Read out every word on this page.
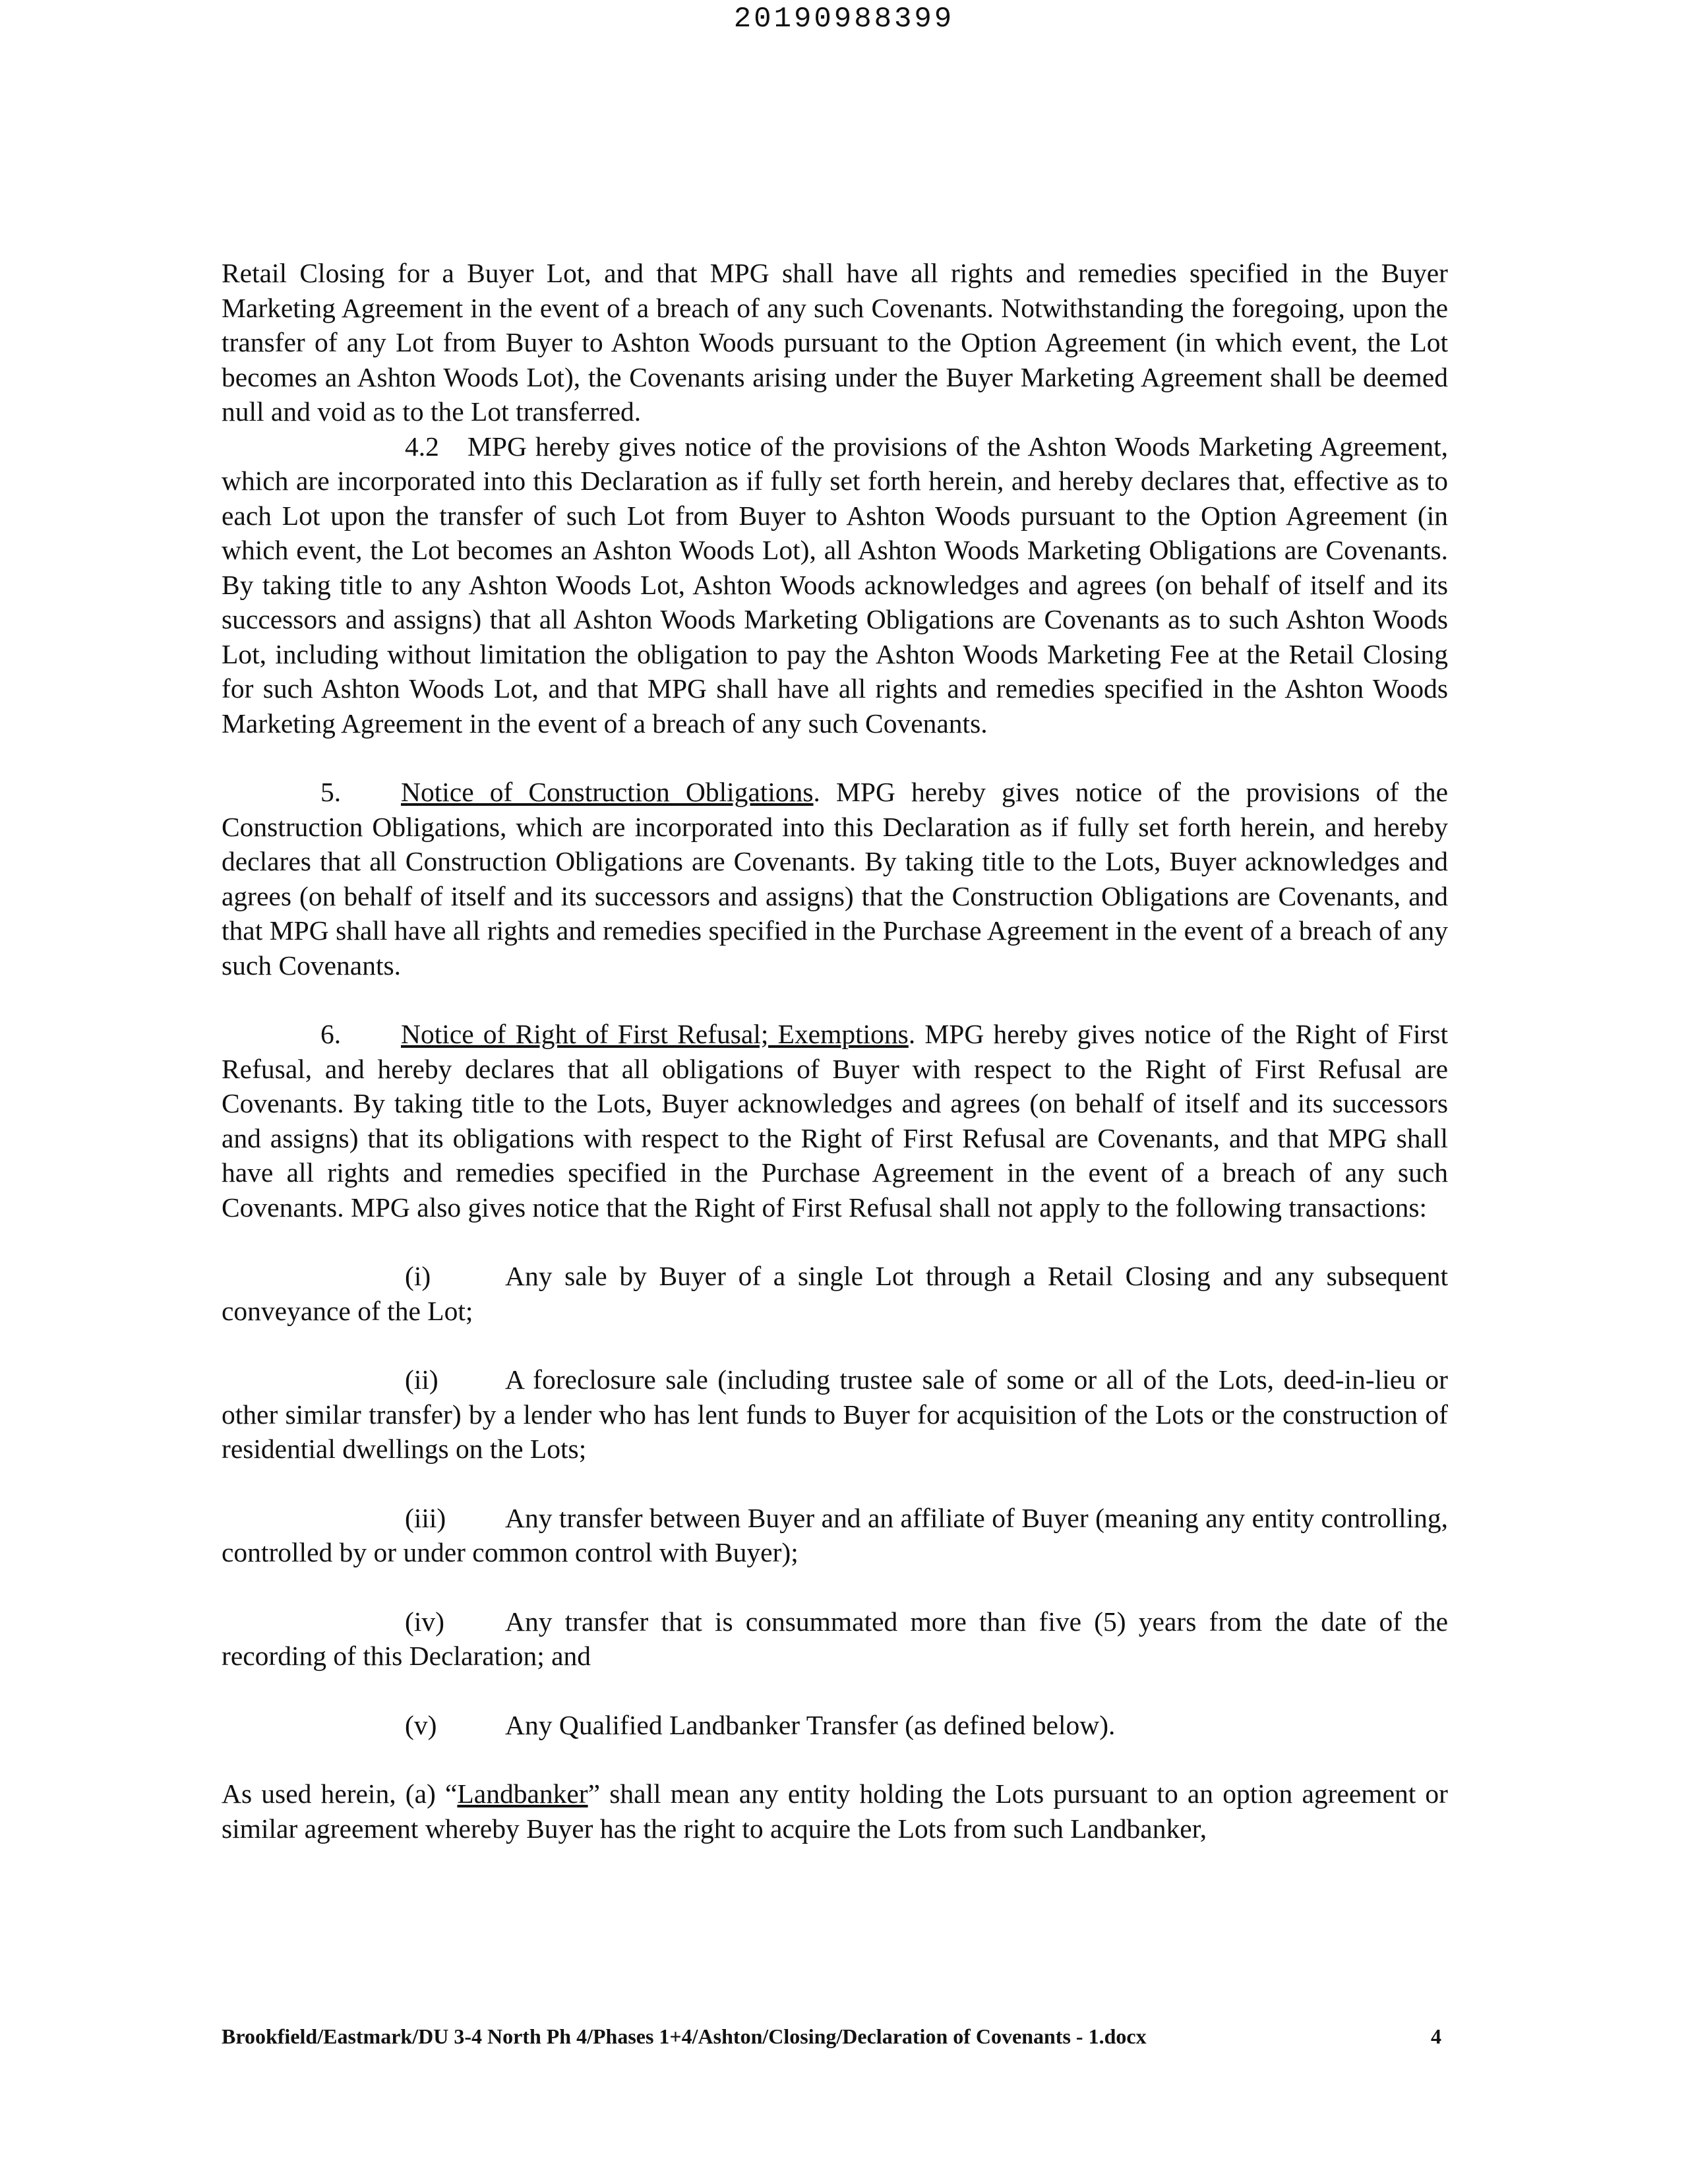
20190988399

Retail Closing for a Buyer Lot, and that MPG shall have all rights and remedies specified in the Buyer Marketing Agreement in the event of a breach of any such Covenants. Notwithstanding the foregoing, upon the transfer of any Lot from Buyer to Ashton Woods pursuant to the Option Agreement (in which event, the Lot becomes an Ashton Woods Lot), the Covenants arising under the Buyer Marketing Agreement shall be deemed null and void as to the Lot transferred.

4.2 MPG hereby gives notice of the provisions of the Ashton Woods Marketing Agreement, which are incorporated into this Declaration as if fully set forth herein, and hereby declares that, effective as to each Lot upon the transfer of such Lot from Buyer to Ashton Woods pursuant to the Option Agreement (in which event, the Lot becomes an Ashton Woods Lot), all Ashton Woods Marketing Obligations are Covenants. By taking title to any Ashton Woods Lot, Ashton Woods acknowledges and agrees (on behalf of itself and its successors and assigns) that all Ashton Woods Marketing Obligations are Covenants as to such Ashton Woods Lot, including without limitation the obligation to pay the Ashton Woods Marketing Fee at the Retail Closing for such Ashton Woods Lot, and that MPG shall have all rights and remedies specified in the Ashton Woods Marketing Agreement in the event of a breach of any such Covenants.

5. Notice of Construction Obligations. MPG hereby gives notice of the provisions of the Construction Obligations, which are incorporated into this Declaration as if fully set forth herein, and hereby declares that all Construction Obligations are Covenants. By taking title to the Lots, Buyer acknowledges and agrees (on behalf of itself and its successors and assigns) that the Construction Obligations are Covenants, and that MPG shall have all rights and remedies specified in the Purchase Agreement in the event of a breach of any such Covenants.

6. Notice of Right of First Refusal; Exemptions. MPG hereby gives notice of the Right of First Refusal, and hereby declares that all obligations of Buyer with respect to the Right of First Refusal are Covenants. By taking title to the Lots, Buyer acknowledges and agrees (on behalf of itself and its successors and assigns) that its obligations with respect to the Right of First Refusal are Covenants, and that MPG shall have all rights and remedies specified in the Purchase Agreement in the event of a breach of any such Covenants. MPG also gives notice that the Right of First Refusal shall not apply to the following transactions:

(i)	Any sale by Buyer of a single Lot through a Retail Closing and any subsequent conveyance of the Lot;

(ii) A foreclosure sale (including trustee sale of some or all of the Lots, deed-in-lieu or other similar transfer) by a lender who has lent funds to Buyer for acquisition of the Lots or the construction of residential dwellings on the Lots;

(iii) Any transfer between Buyer and an affiliate of Buyer (meaning any entity controlling, controlled by or under common control with Buyer);

(iv) Any transfer that is consummated more than five (5) years from the date of the recording of this Declaration; and

(v) Any Qualified Landbanker Transfer (as defined below).

As used herein, (a) “Landbanker” shall mean any entity holding the Lots pursuant to an option agreement or similar agreement whereby Buyer has the right to acquire the Lots from such Landbanker,

Brookfield/Eastmark/DU 3-4 North Ph 4/Phases 1+4/Ashton/Closing/Declaration of Covenants - 1.docx	4
